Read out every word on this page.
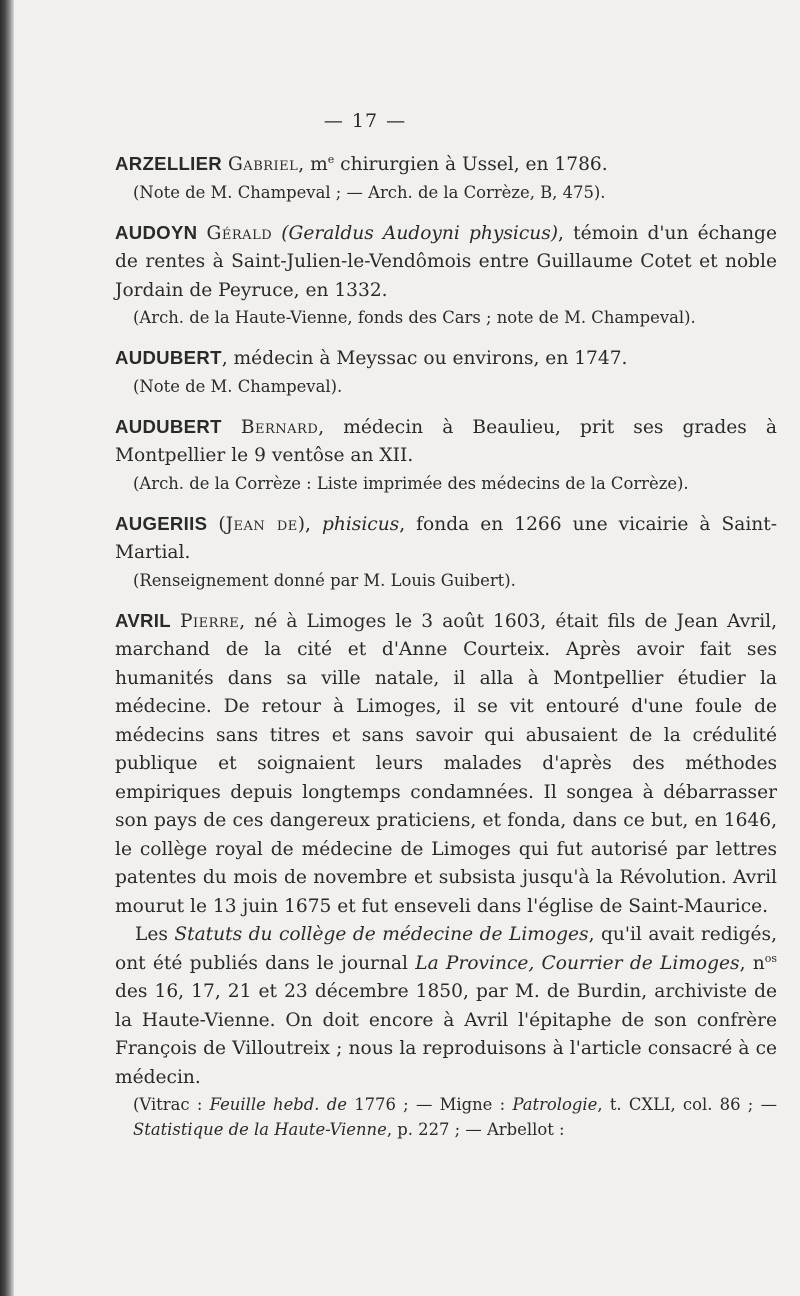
— 17 —

ARZELLIER Gabriel, $m^e$ chirurgien à Ussel, en 1786.

(Note de M. Champeval ; — Arch. de la Corrèze, B, 475).

AUDOYN Gérald (Geraldus Audoyni physicus), témoin d'un échange de rentes à Saint-Julien-le-Vendômois entre Guillaume Cotet et noble Jordain de Peyruce, en 1332.

(Arch. de la Haute-Vienne, fonds des Cars ; note de M. Champeval).

AUDUBERT, médecin à Meyssac ou environs, en 1747.

(Note de M. Champeval).

AUDUBERT Bernard, médecin à Beaulieu, prit ses grades à Montpellier le 9 ventôse an XII.

(Arch. de la Corrèze : Liste imprimée des médecins de la Corrèze).

AUGERIIS (Jean de), phisicus, fonda en 1266 une vicairie à Saint-Martial.

(Renseignement donné par M. Louis Guibert).

AVRIL Pierre, né à Limoges le 3 août 1603, était fils de Jean Avril, marchand de la cité et d'Anne Courteix. Après avoir fait ses humanités dans sa ville natale, il alla à Montpellier étudier la médecine. De retour à Limoges, il se vit entouré d'une foule de médecins sans titres et sans savoir qui abusaient de la crédulité publique et soignaient leurs malades d'après des méthodes empiriques depuis longtemps condamnées. Il songea à débarrasser son pays de ces dangereux praticiens, et fonda, dans ce but, en 1646, le collège royal de médecine de Limoges qui fut autorisé par lettres patentes du mois de novembre et subsista jusqu'à la Révolution. Avril mourut le 13 juin 1675 et fut enseveli dans l'église de Saint-Maurice.

Les Statuts du collège de médecine de Limoges, qu'il avait redigés, ont été publiés dans le journal La Province, Courrier de Limoges, $n^{os}$ des 16, 17, 21 et 23 décembre 1850, par M. de Burdin, archiviste de la Haute-Vienne. On doit encore à Avril l'épitaphe de son confrère François de Villoutreix ; nous la reproduisons à l'article consacré à ce médecin.

(Vitrac : Feuille hebd. de 1776 ; — Migne : Patrologie, t. CXLI, col. 86 ; — Statistique de la Haute-Vienne, p. 227 ; — Arbellot :
